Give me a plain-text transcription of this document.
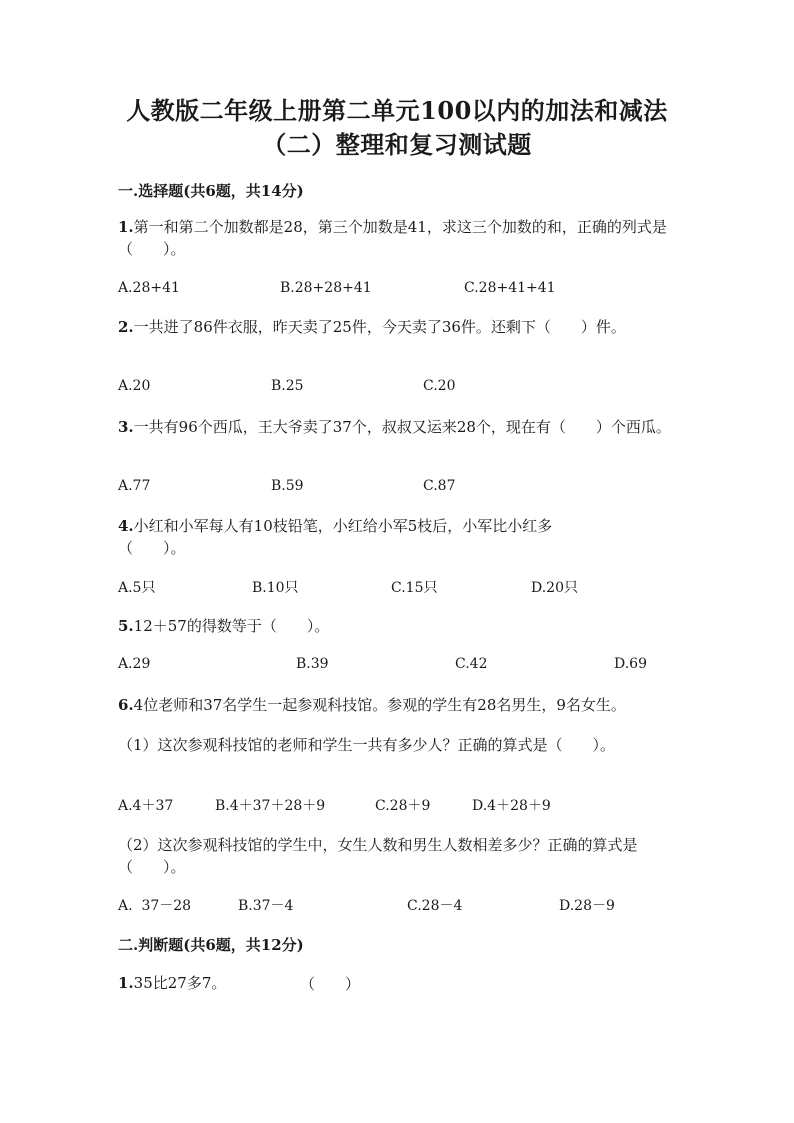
人教版二年级上册第二单元100以内的加法和减法
（二）整理和复习测试题
一.选择题(共6题，共14分)
1.第一和第二个加数都是28，第三个加数是41，求这三个加数的和，正确的列式是（　　）。
A.28+41	B.28+28+41	C.28+41+41
2.一共进了86件衣服，昨天卖了25件，今天卖了36件。还剩下（　　）件。
A.20	B.25	C.20
3.一共有96个西瓜，王大爷卖了37个，叔叔又运来28个，现在有（　　）个西瓜。
A.77	B.59	C.87
4.小红和小军每人有10枝铅笔，小红给小军5枝后，小军比小红多（　　）。
A.5只	B.10只	C.15只	D.20只
5.12＋57的得数等于（　　）。
A.29	B.39	C.42	D.69
6.4位老师和37名学生一起参观科技馆。参观的学生有28名男生，9名女生。
（1）这次参观科技馆的老师和学生一共有多少人？正确的算式是（　　）。
A.4＋37	B.4＋37＋28＋9	C.28＋9	D.4＋28＋9
（2）这次参观科技馆的学生中，女生人数和男生人数相差多少？正确的算式是（　　）。
A.  37－28	B.37－4	C.28－4	D.28－9
二.判断题(共6题，共12分)
1.35比27多7。	（　　）
